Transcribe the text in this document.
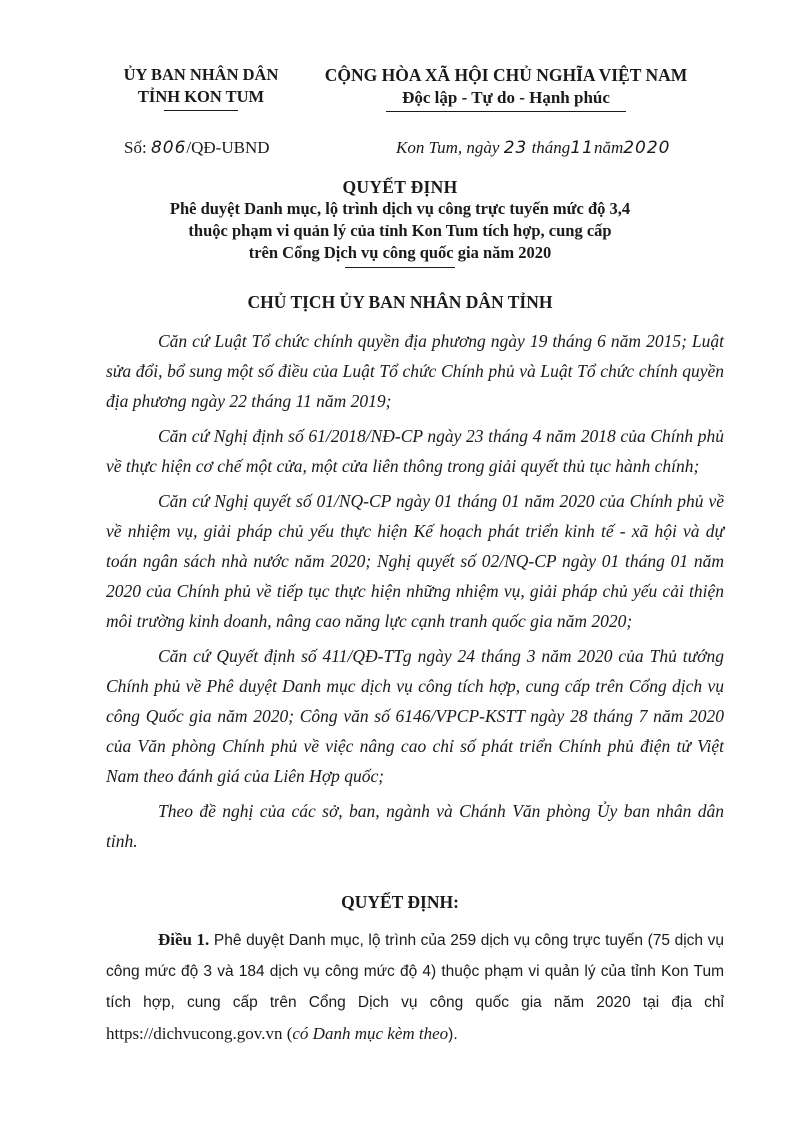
ỦY BAN NHÂN DÂN
TỈNH KON TUM
CỘNG HÒA XÃ HỘI CHỦ NGHĨA VIỆT NAM
Độc lập - Tự do - Hạnh phúc
Số: 806/QĐ-UBND	Kon Tum, ngày 23 tháng11năm2020
QUYẾT ĐỊNH
Phê duyệt Danh mục, lộ trình dịch vụ công trực tuyến mức độ 3,4
thuộc phạm vi quản lý của tỉnh Kon Tum tích hợp, cung cấp
trên Cổng Dịch vụ công quốc gia năm 2020
CHỦ TỊCH ỦY BAN NHÂN DÂN TỈNH

Căn cứ Luật Tổ chức chính quyền địa phương ngày 19 tháng 6 năm 2015; Luật sửa đổi, bổ sung một số điều của Luật Tổ chức Chính phủ và Luật Tổ chức chính quyền địa phương ngày 22 tháng 11 năm 2019;

Căn cứ Nghị định số 61/2018/NĐ-CP ngày 23 tháng 4 năm 2018 của Chính phủ về thực hiện cơ chế một cửa, một cửa liên thông trong giải quyết thủ tục hành chính;

Căn cứ Nghị quyết số 01/NQ-CP ngày 01 tháng 01 năm 2020 của Chính phủ về về nhiệm vụ, giải pháp chủ yếu thực hiện Kế hoạch phát triển kinh tế - xã hội và dự toán ngân sách nhà nước năm 2020; Nghị quyết số 02/NQ-CP ngày 01 tháng 01 năm 2020 của Chính phủ về tiếp tục thực hiện những nhiệm vụ, giải pháp chủ yếu cải thiện môi trường kinh doanh, nâng cao năng lực cạnh tranh quốc gia năm 2020;

Căn cứ Quyết định số 411/QĐ-TTg ngày 24 tháng 3 năm 2020 của Thủ tướng Chính phủ về Phê duyệt Danh mục dịch vụ công tích hợp, cung cấp trên Cổng dịch vụ công Quốc gia năm 2020; Công văn số 6146/VPCP-KSTT ngày 28 tháng 7 năm 2020 của Văn phòng Chính phủ về việc nâng cao chỉ số phát triển Chính phủ điện tử Việt Nam theo đánh giá của Liên Hợp quốc;

Theo đề nghị của các sở, ban, ngành và Chánh Văn phòng Ủy ban nhân dân tỉnh.

QUYẾT ĐỊNH:

Điều 1. Phê duyệt Danh mục, lộ trình của 259 dịch vụ công trực tuyến (75 dịch vụ công mức độ 3 và 184 dịch vụ công mức độ 4) thuộc phạm vi quản lý của tỉnh Kon Tum tích hợp, cung cấp trên Cổng Dịch vụ công quốc gia năm 2020 tại địa chỉ https://dichvucong.gov.vn (có Danh mục kèm theo).
